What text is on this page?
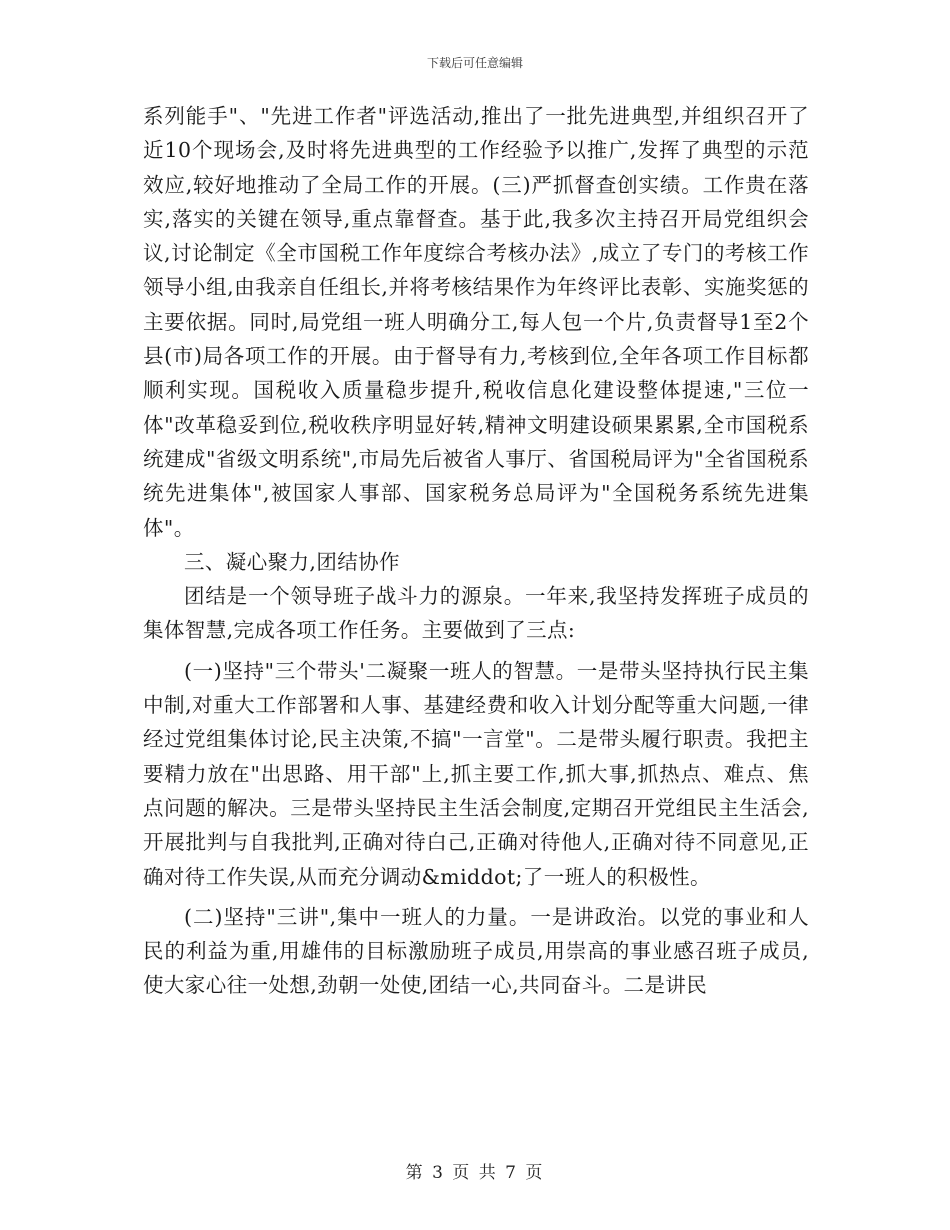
下载后可任意编辑

系列能手"、"先进工作者"评选活动,推出了一批先进典型,并组织召开了近10个现场会,及时将先进典型的工作经验予以推广,发挥了典型的示范效应,较好地推动了全局工作的开展。(三)严抓督查创实绩。工作贵在落实,落实的关键在领导,重点靠督查。基于此,我多次主持召开局党组织会议,讨论制定《全市国税工作年度综合考核办法》,成立了专门的考核工作领导小组,由我亲自任组长,并将考核结果作为年终评比表彰、实施奖惩的主要依据。同时,局党组一班人明确分工,每人包一个片,负责督导1至2个县(市)局各项工作的开展。由于督导有力,考核到位,全年各项工作目标都顺利实现。国税收入质量稳步提升,税收信息化建设整体提速,"三位一体"改革稳妥到位,税收秩序明显好转,精神文明建设硕果累累,全市国税系统建成"省级文明系统",市局先后被省人事厅、省国税局评为"全省国税系统先进集体",被国家人事部、国家税务总局评为"全国税务系统先进集体"。

三、凝心聚力,团结协作

团结是一个领导班子战斗力的源泉。一年来,我坚持发挥班子成员的集体智慧,完成各项工作任务。主要做到了三点:

(一)坚持"三个带头'二凝聚一班人的智慧。一是带头坚持执行民主集中制,对重大工作部署和人事、基建经费和收入计划分配等重大问题,一律经过党组集体讨论,民主决策,不搞"一言堂"。二是带头履行职责。我把主要精力放在"出思路、用干部"上,抓主要工作,抓大事,抓热点、难点、焦点问题的解决。三是带头坚持民主生活会制度,定期召开党组民主生活会,开展批判与自我批判,正确对待白己,正确对待他人,正确对待不同意见,正确对待工作失误,从而充分调动&middot;了一班人的积极性。

(二)坚持"三讲",集中一班人的力量。一是讲政治。以党的事业和人民的利益为重,用雄伟的目标激励班子成员,用崇高的事业感召班子成员,使大家心往一处想,劲朝一处使,团结一心,共同奋斗。二是讲民

第 3 页 共 7 页
